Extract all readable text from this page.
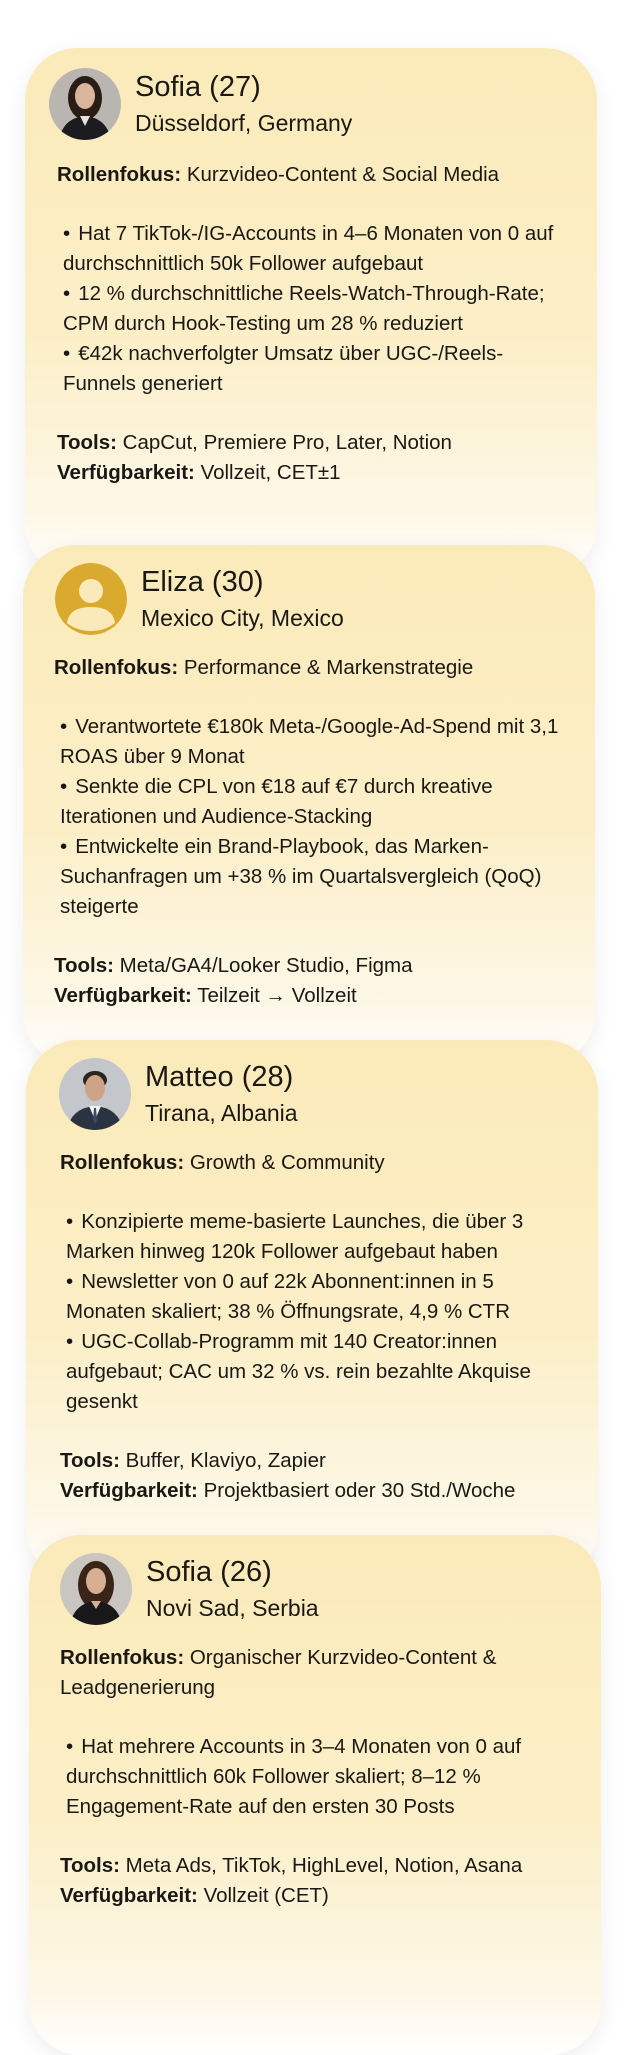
Sofia (27)
Düsseldorf, Germany
Rollenfokus: Kurzvideo-Content & Social Media
• Hat 7 TikTok-/IG-Accounts in 4–6 Monaten von 0 auf durchschnittlich 50k Follower aufgebaut
• 12 % durchschnittliche Reels-Watch-Through-Rate; CPM durch Hook-Testing um 28 % reduziert
• €42k nachverfolgter Umsatz über UGC-/Reels-Funnels generiert
Tools: CapCut, Premiere Pro, Later, Notion
Verfügbarkeit: Vollzeit, CET±1
Eliza (30)
Mexico City, Mexico
Rollenfokus: Performance & Markenstrategie
• Verantwortete €180k Meta-/Google-Ad-Spend mit 3,1 ROAS über 9 Monat
• Senkte die CPL von €18 auf €7 durch kreative Iterationen und Audience-Stacking
• Entwickelte ein Brand-Playbook, das Marken-Suchanfragen um +38 % im Quartalsvergleich (QoQ) steigerte
Tools: Meta/GA4/Looker Studio, Figma
Verfügbarkeit: Teilzeit → Vollzeit
Matteo (28)
Tirana, Albania
Rollenfokus: Growth & Community
• Konzipierte meme-basierte Launches, die über 3 Marken hinweg 120k Follower aufgebaut haben
• Newsletter von 0 auf 22k Abonnent:innen in 5 Monaten skaliert; 38 % Öffnungsrate, 4,9 % CTR
• UGC-Collab-Programm mit 140 Creator:innen aufgebaut; CAC um 32 % vs. rein bezahlte Akquise gesenkt
Tools: Buffer, Klaviyo, Zapier
Verfügbarkeit: Projektbasiert oder 30 Std./Woche
Sofia (26)
Novi Sad, Serbia
Rollenfokus: Organischer Kurzvideo-Content & Leadgenerierung
• Hat mehrere Accounts in 3–4 Monaten von 0 auf durchschnittlich 60k Follower skaliert; 8–12 % Engagement-Rate auf den ersten 30 Posts
Tools: Meta Ads, TikTok, HighLevel, Notion, Asana
Verfügbarkeit: Vollzeit (CET)
